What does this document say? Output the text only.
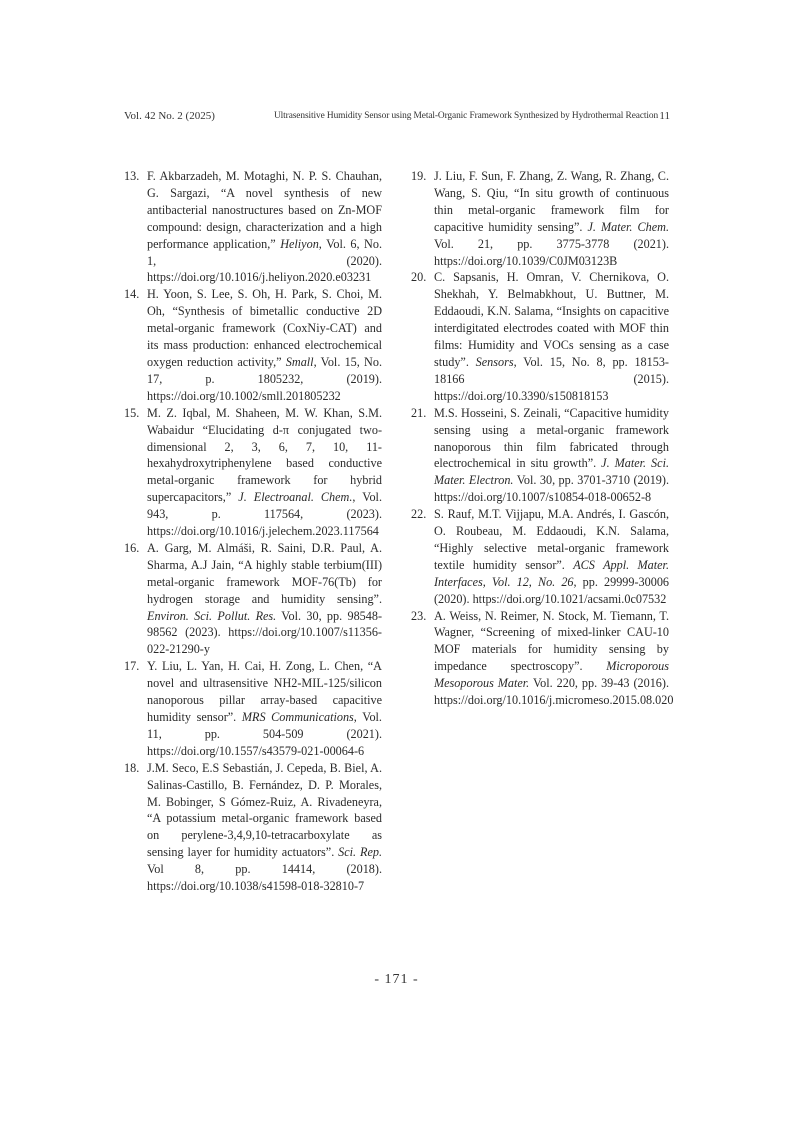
Vol. 42 No. 2 (2025)	Ultrasensitive Humidity Sensor using Metal-Organic Framework Synthesized by Hydrothermal Reaction 11

13. F. Akbarzadeh, M. Motaghi, N. P. S. Chauhan, G. Sargazi, “A novel synthesis of new antibacterial nanostructures based on Zn-MOF compound: design, characterization and a high performance application,” Heliyon, Vol. 6, No. 1, (2020). https://doi.org/10.1016/j.heliyon.2020.e03231

14. H. Yoon, S. Lee, S. Oh, H. Park, S. Choi, M. Oh, “Synthesis of bimetallic conductive 2D metal-organic framework (CoxNiy-CAT) and its mass production: enhanced electrochemical oxygen reduction activity,” Small, Vol. 15, No. 17, p. 1805232, (2019). https://doi.org/10.1002/smll.201805232

15. M. Z. Iqbal, M. Shaheen, M. W. Khan, S.M. Wabaidur “Elucidating d-π conjugated two-dimensional 2, 3, 6, 7, 10, 11-hexahydroxytriphenylene based conductive metal-organic framework for hybrid supercapacitors,” J. Electroanal. Chem., Vol. 943, p. 117564, (2023). https://doi.org/10.1016/j.jelechem.2023.117564

16. A. Garg, M. Almáši, R. Saini, D.R. Paul, A. Sharma, A.J Jain, “A highly stable terbium(III) metal-organic framework MOF-76(Tb) for hydrogen storage and humidity sensing”. Environ. Sci. Pollut. Res. Vol. 30, pp. 98548-98562 (2023). https://doi.org/10.1007/s11356-022-21290-y

17. Y. Liu, L. Yan, H. Cai, H. Zong, L. Chen, “A novel and ultrasensitive NH2-MIL-125/silicon nanoporous pillar array-based capacitive humidity sensor”. MRS Communications, Vol. 11, pp. 504-509 (2021). https://doi.org/10.1557/s43579-021-00064-6

18. J.M. Seco, E.S Sebastián, J. Cepeda, B. Biel, A. Salinas-Castillo, B. Fernández, D. P. Morales, M. Bobinger, S Gómez-Ruiz, A. Rivadeneyra, “A potassium metal-organic framework based on perylene-3,4,9,10-tetracarboxylate as sensing layer for humidity actuators”. Sci. Rep. Vol 8, pp. 14414, (2018). https://doi.org/10.1038/s41598-018-32810-7

19. J. Liu, F. Sun, F. Zhang, Z. Wang, R. Zhang, C. Wang, S. Qiu, “In situ growth of continuous thin metal-organic framework film for capacitive humidity sensing”. J. Mater. Chem. Vol. 21, pp. 3775-3778 (2021). https://doi.org/10.1039/C0JM03123B

20. C. Sapsanis, H. Omran, V. Chernikova, O. Shekhah, Y. Belmabkhout, U. Buttner, M. Eddaoudi, K.N. Salama, “Insights on capacitive interdigitated electrodes coated with MOF thin films: Humidity and VOCs sensing as a case study”. Sensors, Vol. 15, No. 8, pp. 18153-18166 (2015). https://doi.org/10.3390/s150818153

21. M.S. Hosseini, S. Zeinali, “Capacitive humidity sensing using a metal-organic framework nanoporous thin film fabricated through electrochemical in situ growth”. J. Mater. Sci. Mater. Electron. Vol. 30, pp. 3701-3710 (2019). https://doi.org/10.1007/s10854-018-00652-8

22. S. Rauf, M.T. Vijjapu, M.A. Andrés, I. Gascón, O. Roubeau, M. Eddaoudi, K.N. Salama, “Highly selective metal-organic framework textile humidity sensor”. ACS Appl. Mater. Interfaces, Vol. 12, No. 26, pp. 29999-30006 (2020). https://doi.org/10.1021/acsami.0c07532

23. A. Weiss, N. Reimer, N. Stock, M. Tiemann, T. Wagner, “Screening of mixed-linker CAU-10 MOF materials for humidity sensing by impedance spectroscopy”. Microporous Mesoporous Mater. Vol. 220, pp. 39-43 (2016). https://doi.org/10.1016/j.micromeso.2015.08.020

- 171 -
